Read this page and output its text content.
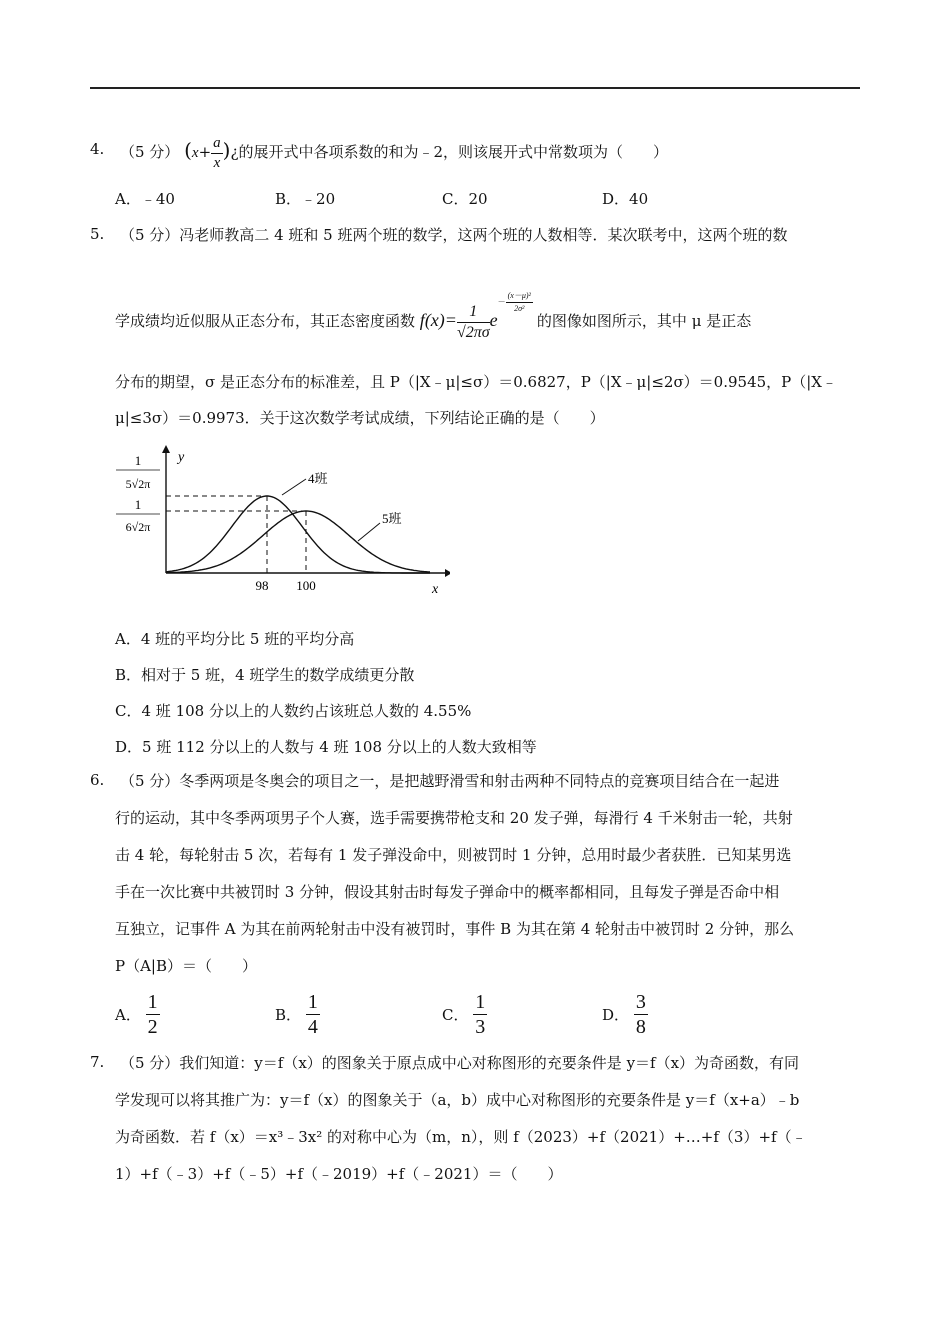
4. （5 分） ($x+ \frac{a}{x}$ )¿的展开式中各项系数的和为﹣2，则该展开式中常数项为（　　）
A．﹣40	B．﹣20	C．20	D．40
5. （5 分）冯老师教高二 4 班和 5 班两个班的数学，这两个班的人数相等．某次联考中，这两个班的数
学成绩均近似服从正态分布，其正态密度函数 $f(x)= \frac{1}{√2\pi\sigma} e- \frac{\text{(x－μ)²}}{\text{2σ²}}$
的图像如图所示，其中 μ 是正态
分布的期望，σ 是正态分布的标准差，且 P（|X﹣μ|≤σ）＝0.6827，P（|X﹣μ|≤2σ）＝0.9545，P（|X﹣
μ|≤3σ）＝0.9973．关于这次数学考试成绩，下列结论正确的是（　　）
y
x
1
5√2π
1
6√2π
4班
5班
98 100
A．4 班的平均分比 5 班的平均分高
B．相对于 5 班，4 班学生的数学成绩更分散
C．4 班 108 分以上的人数约占该班总人数的 4.55%
D．5 班 112 分以上的人数与 4 班 108 分以上的人数大致相等
6. （5 分）冬季两项是冬奥会的项目之一，是把越野滑雪和射击两种不同特点的竞赛项目结合在一起进
行的运动，其中冬季两项男子个人赛，选手需要携带枪支和 20 发子弹，每滑行 4 千米射击一轮，共射
击 4 轮，每轮射击 5 次，若每有 1 发子弹没命中，则被罚时 1 分钟，总用时最少者获胜．已知某男选
手在一次比赛中共被罚时 3 分钟，假设其射击时每发子弹命中的概率都相同，且每发子弹是否命中相
互独立，记事件 A 为其在前两轮射击中没有被罚时，事件 B 为其在第 4 轮射击中被罚时 2 分钟，那么
P（A|B）＝（　　）
A． $\frac{1}{2}$	B． $\frac{1}{4}$	C． $\frac{1}{3}$	D． $\frac{3}{8}$
7. （5 分）我们知道：y＝f（x）的图象关于原点成中心对称图形的充要条件是 y＝f（x）为奇函数，有同
学发现可以将其推广为：y＝f（x）的图象关于（a，b）成中心对称图形的充要条件是 y＝f（x+a）﹣b
为奇函数．若 f（x）＝x³﹣3x² 的对称中心为（m，n），则 f（2023）+f（2021）+…+f（3）+f（﹣
1）+f（﹣3）+f（﹣5）+f（﹣2019）+f（﹣2021）＝（　　）
